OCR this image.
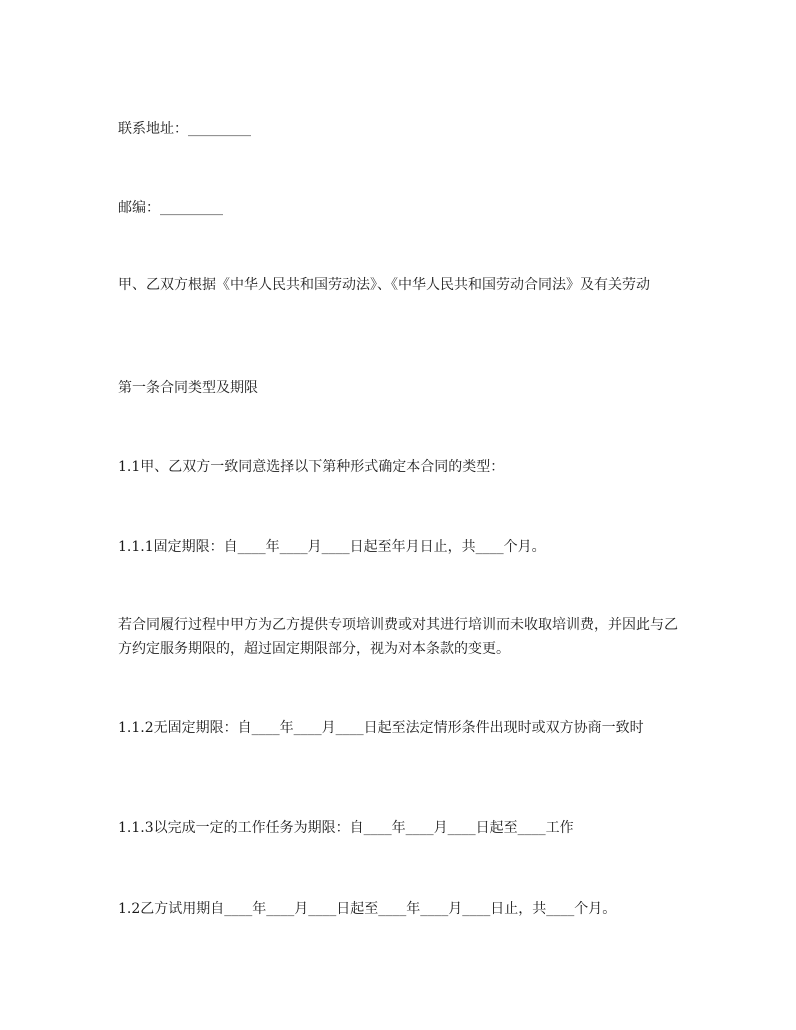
联系地址：_________

邮编：_________

甲、乙双方根据《中华人民共和国劳动法》、《中华人民共和国劳动合同法》及有关劳动

第一条合同类型及期限

1.1甲、乙双方一致同意选择以下第种形式确定本合同的类型：

1.1.1固定期限：自____年____月____日起至年月日止，共____个月。

若合同履行过程中甲方为乙方提供专项培训费或对其进行培训而未收取培训费，并因此与乙方约定服务期限的，超过固定期限部分，视为对本条款的变更。

1.1.2无固定期限：自____年____月____日起至法定情形条件出现时或双方协商一致时

1.1.3以完成一定的工作任务为期限：自____年____月____日起至____工作

1.2乙方试用期自____年____月____日起至____年____月____日止，共____个月。
